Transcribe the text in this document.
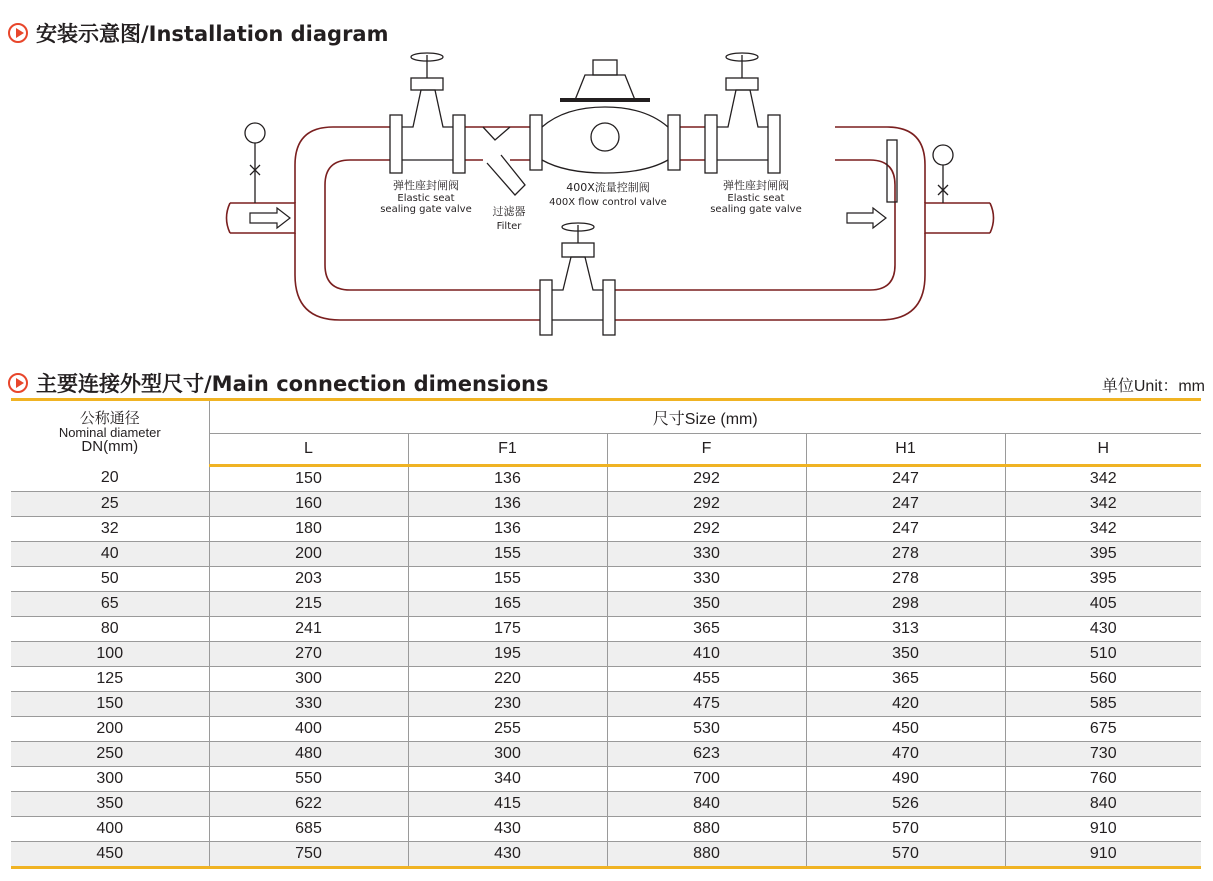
安装示意图/Installation diagram
弹性座封闸阀
Elastic seat
sealing gate valve 过滤器
Filter
400X流量控制阀
400X flow control valve
弹性座封闸阀
Elastic seat
sealing gate valve
主要连接外型尺寸/Main connection dimensions	单位Unit：mm
公称通径
Nominal diameter
DN(mm)	尺寸Size (mm)				
	L	F1	F	H1	H
20	150	136	292	247	342
25	160	136	292	247	342
32	180	136	292	247	342
40	200	155	330	278	395
50	203	155	330	278	395
65	215	165	350	298	405
80	241	175	365	313	430
100	270	195	410	350	510
125	300	220	455	365	560
150	330	230	475	420	585
200	400	255	530	450	675
250	480	300	623	470	730
300	550	340	700	490	760
350	622	415	840	526	840
400	685	430	880	570	910
450	750	430	880	570	910
